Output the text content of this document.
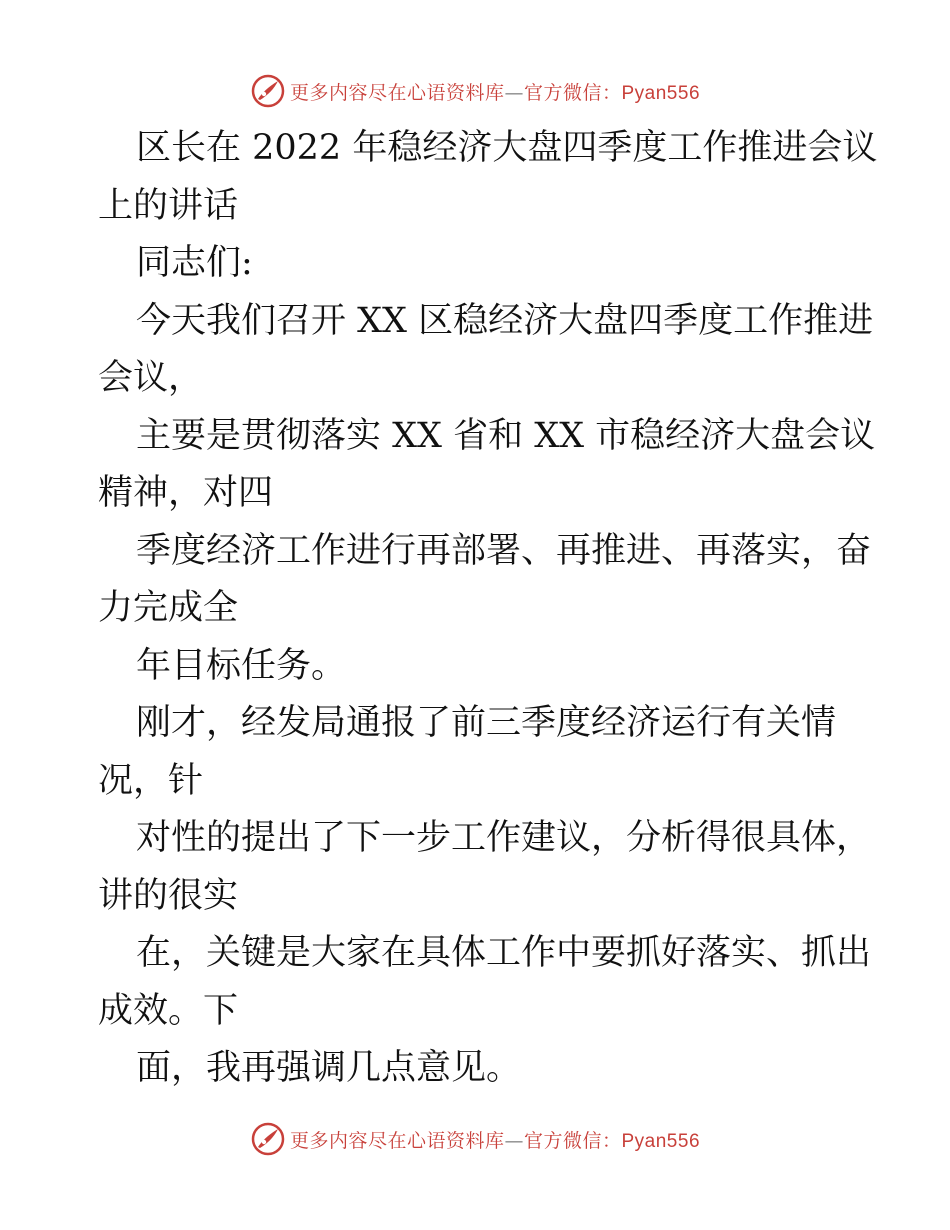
更多内容尽在心语资料库—官方微信：Pyan556
区长在 2022 年稳经济大盘四季度工作推进会议
上的讲话
同志们:
今天我们召开 XX 区稳经济大盘四季度工作推进
会议，
主要是贯彻落实 XX 省和 XX 市稳经济大盘会议
精神，对四
季度经济工作进行再部署、再推进、再落实，奋
力完成全
年目标任务。
刚才，经发局通报了前三季度经济运行有关情
况，针
对性的提出了下一步工作建议，分析得很具体，
讲的很实
在，关键是大家在具体工作中要抓好落实、抓出
成效。下
面，我再强调几点意见。
更多内容尽在心语资料库—官方微信：Pyan556
